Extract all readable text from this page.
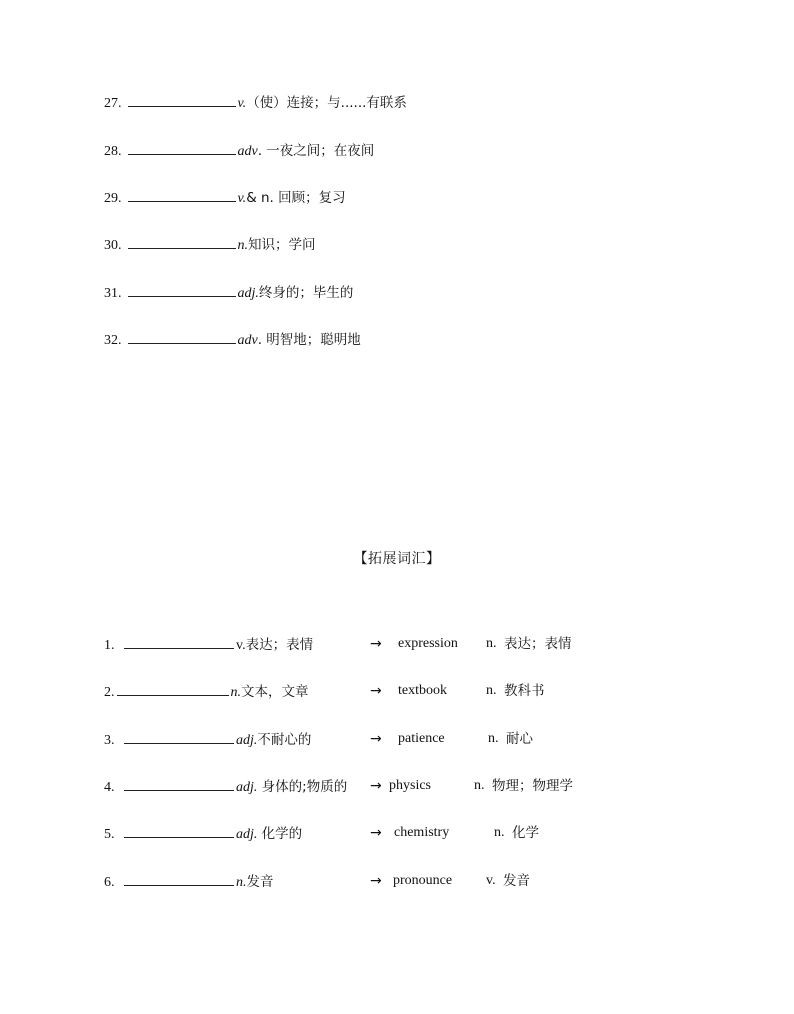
27.	v. （使）连接；与......有联系
28.	adv . 一夜之间；在夜间
29.	v. & n. 回顾；复习
30.	n. 知识；学问
31.	adj. 终身的；毕生的
32.	adv . 明智地；聪明地
【拓展词汇】
1.	v.表达；表情	→ expression n. 表达；表情
2.	n.文本，文章	→ textbook	n. 教科书
3.	adj.不耐心的	→ patience	n. 耐心
4.	adj. 身体的;物质的 → physics	n. 物理；物理学
5.	adj. 化学的	→ chemistry	n. 化学
6.	n.发音	→ pronounce v. 发音
